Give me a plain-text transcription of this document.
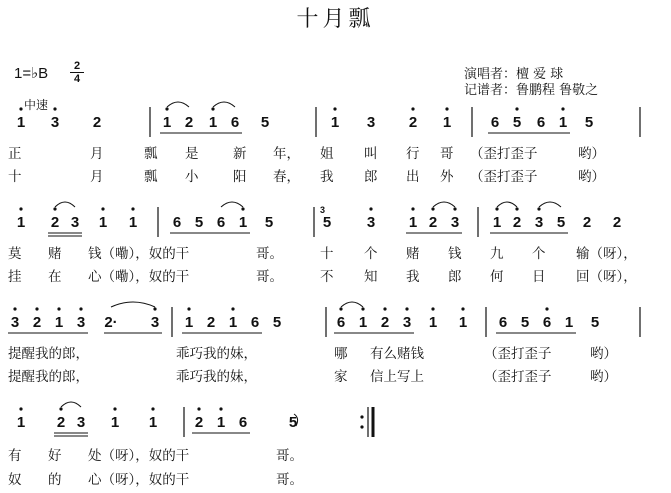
十月瓢
1=♭B	2
4
中速
演唱者：檀 爱 球
记谱者：鲁鹏程 鲁敬之
1 3 2	1 2 1 6 5	1 3 2 1	6 5 6 1 5
正	月	瓢 是	新 年， 姐 叫 行 哥 （歪打歪子	哟）
十	月	瓢 小	阳 春， 我 郎 出 外 （歪打歪子	哟）
1 2 3 1 1 6 5 6 1 5	5 3 1 2 3 1 2 3 5 2 2
莫 赌 钱（嘞），奴的干	哥。	十 个 赌 钱 九 个 输（呀），
挂 在 心（嘞），奴的干	哥。	不 知 我 郎 何 日 回（呀），
3 2 1 3 2· 3 1 2 1 6 5	6 1 2 3 1 1 6 5 6 1 5
提醒我的郎，	乖巧我的妹，	哪 有么赌钱	（歪打歪子	哟）
提醒我的郎，	乖巧我的妹，	家 信上写上	（歪打歪子	哟）
1 2 3 1 1	2 1 6	5
有 好 处（呀），奴的干	哥。
奴 的 心（呀），奴的干	哥。
3
